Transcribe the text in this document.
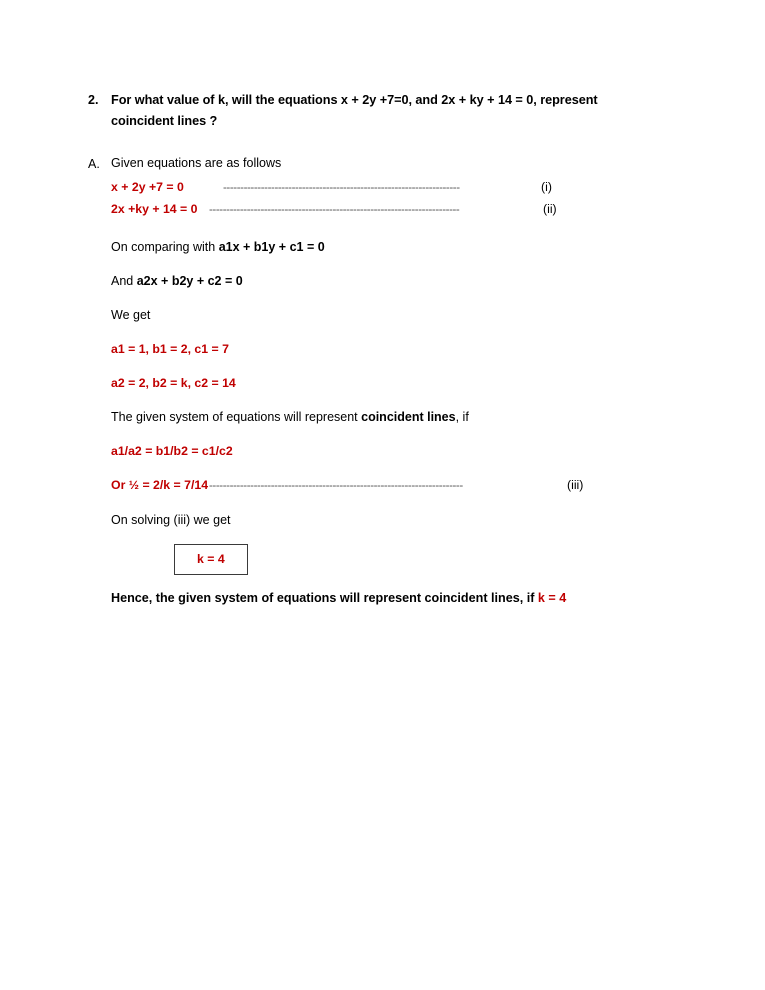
2. For what value of k, will the equations x + 2y +7=0, and 2x + ky + 14 = 0, represent coincident lines ?
A. Given equations are as follows
x + 2y +7 = 0	---------------------------------------------------------------------	(i)
2x +ky + 14 = 0	-------------------------------------------------------------------------	(ii)
On comparing with a1x + b1y + c1 = 0
And a2x + b2y + c2 = 0
We get
a1 = 1, b1 = 2, c1 = 7
a2 = 2, b2 = k, c2 = 14
The given system of equations will represent coincident lines, if
a1/a2 = b1/b2 = c1/c2
Or ½ = 2/k = 7/14 --------------------------------------------------------------------------	(iii)
On solving (iii) we get
k = 4
Hence, the given system of equations will represent coincident lines, if k = 4
